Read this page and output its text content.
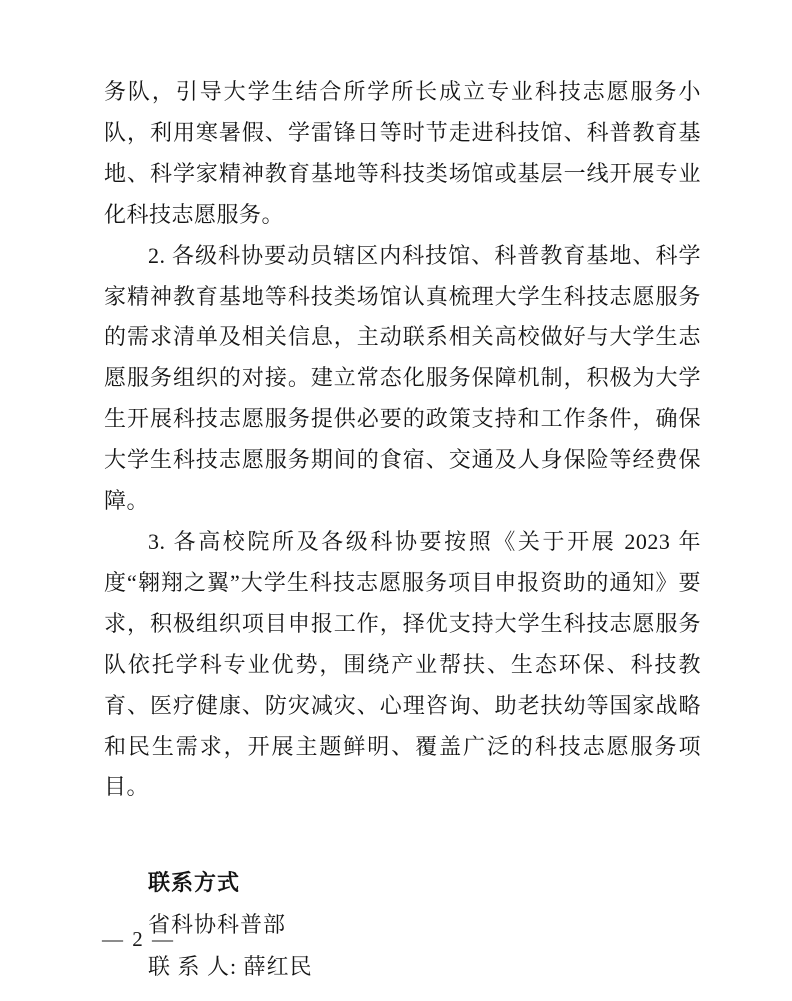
务队，引导大学生结合所学所长成立专业科技志愿服务小队，利用寒暑假、学雷锋日等时节走进科技馆、科普教育基地、科学家精神教育基地等科技类场馆或基层一线开展专业化科技志愿服务。

2. 各级科协要动员辖区内科技馆、科普教育基地、科学家精神教育基地等科技类场馆认真梳理大学生科技志愿服务的需求清单及相关信息，主动联系相关高校做好与大学生志愿服务组织的对接。建立常态化服务保障机制，积极为大学生开展科技志愿服务提供必要的政策支持和工作条件，确保大学生科技志愿服务期间的食宿、交通及人身保险等经费保障。

3. 各高校院所及各级科协要按照《关于开展 2023 年度“翱翔之翼”大学生科技志愿服务项目申报资助的通知》要求，积极组织项目申报工作，择优支持大学生科技志愿服务队依托学科专业优势，围绕产业帮扶、生态环保、科技教育、医疗健康、防灾减灾、心理咨询、助老扶幼等国家战略和民生需求，开展主题鲜明、覆盖广泛的科技志愿服务项目。

联系方式

省科协科普部

联 系 人: 薛红民

— 2 —
